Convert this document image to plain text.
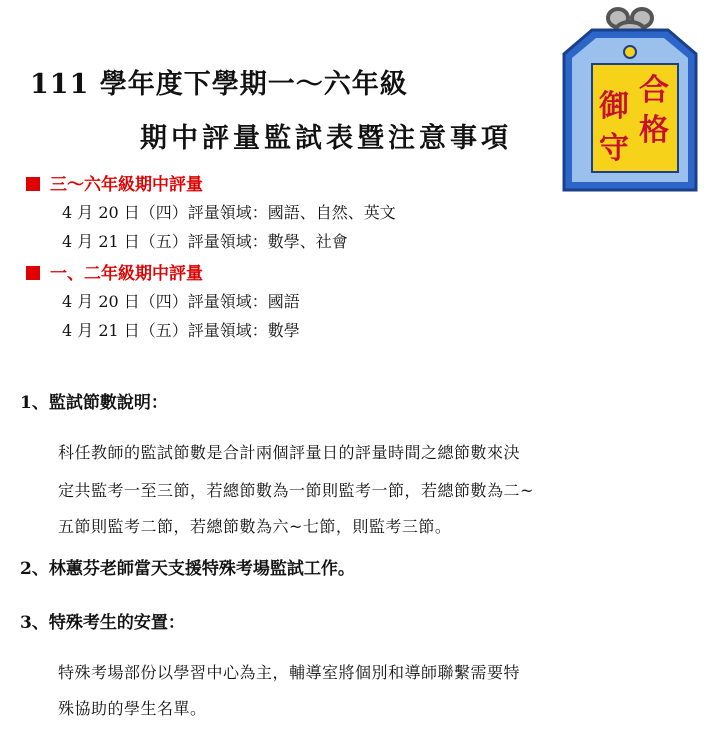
111 學年度下學期一～六年級
期中評量監試表暨注意事項
合
格
御
守
三～六年級期中評量
4 月 20 日（四）評量領域：國語、自然、英文
4 月 21 日（五）評量領域：數學、社會
一、二年級期中評量
4 月 20 日（四）評量領域：國語
4 月 21 日（五）評量領域：數學
1、監試節數說明：
科任教師的監試節數是合計兩個評量日的評量時間之總節數來決
定共監考一至三節，若總節數為一節則監考一節，若總節數為二~
五節則監考二節，若總節數為六~七節，則監考三節。
2、林蕙芬老師當天支援特殊考場監試工作。
3、特殊考生的安置：
特殊考場部份以學習中心為主，輔導室將個別和導師聯繫需要特
殊協助的學生名單。
